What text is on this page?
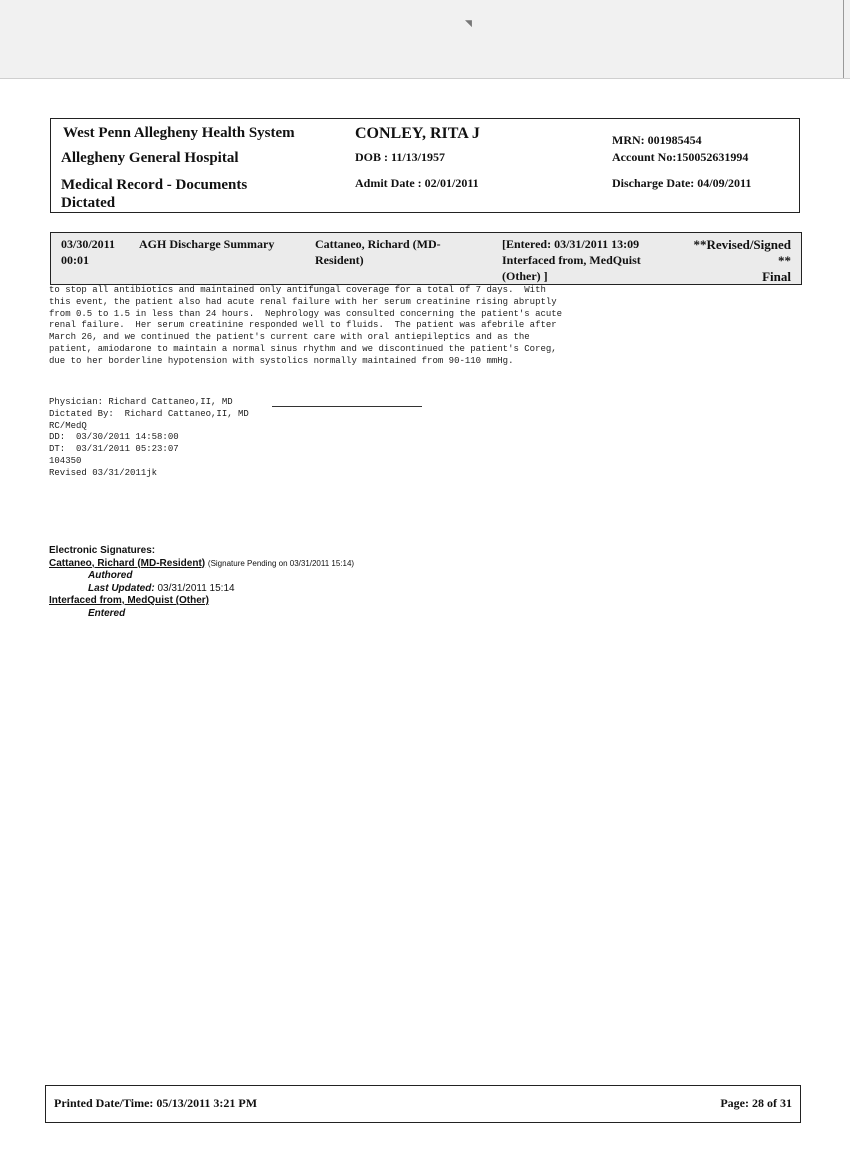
◥
West Penn Allegheny Health System
Allegheny General Hospital
Medical Record - Documents Dictated
CONLEY, RITA J
DOB : 11/13/1957
Admit Date : 02/01/2011
MRN: 001985454
Account No:150052631994
Discharge Date: 04/09/2011
03/30/2011 00:01
AGH Discharge Summary	Cattaneo, Richard (MD-Resident)
[Entered: 03/31/2011 13:09 Interfaced from, MedQuist (Other) ]
**Revised/Signed
**
Final
to stop all antibiotics and maintained only antifungal coverage for a total of 7 days.  With
this event, the patient also had acute renal failure with her serum creatinine rising abruptly
from 0.5 to 1.5 in less than 24 hours.  Nephrology was consulted concerning the patient's acute
renal failure.  Her serum creatinine responded well to fluids.  The patient was afebrile after
March 26, and we continued the patient's current care with oral antiepileptics and as the
patient, amiodarone to maintain a normal sinus rhythm and we discontinued the patient's Coreg,
due to her borderline hypotension with systolics normally maintained from 90-110 mmHg.
Physician: Richard Cattaneo,II, MD
Dictated By:  Richard Cattaneo,II, MD
RC/MedQ
DD:  03/30/2011 14:58:00
DT:  03/31/2011 05:23:07
104350
Revised 03/31/2011jk
Electronic Signatures:
Cattaneo, Richard (MD-Resident) (Signature Pending on 03/31/2011 15:14)
Authored
Last Updated: 03/31/2011 15:14
Interfaced from, MedQuist (Other)
Entered
Printed Date/Time: 05/13/2011 3:21 PM	Page: 28 of 31
